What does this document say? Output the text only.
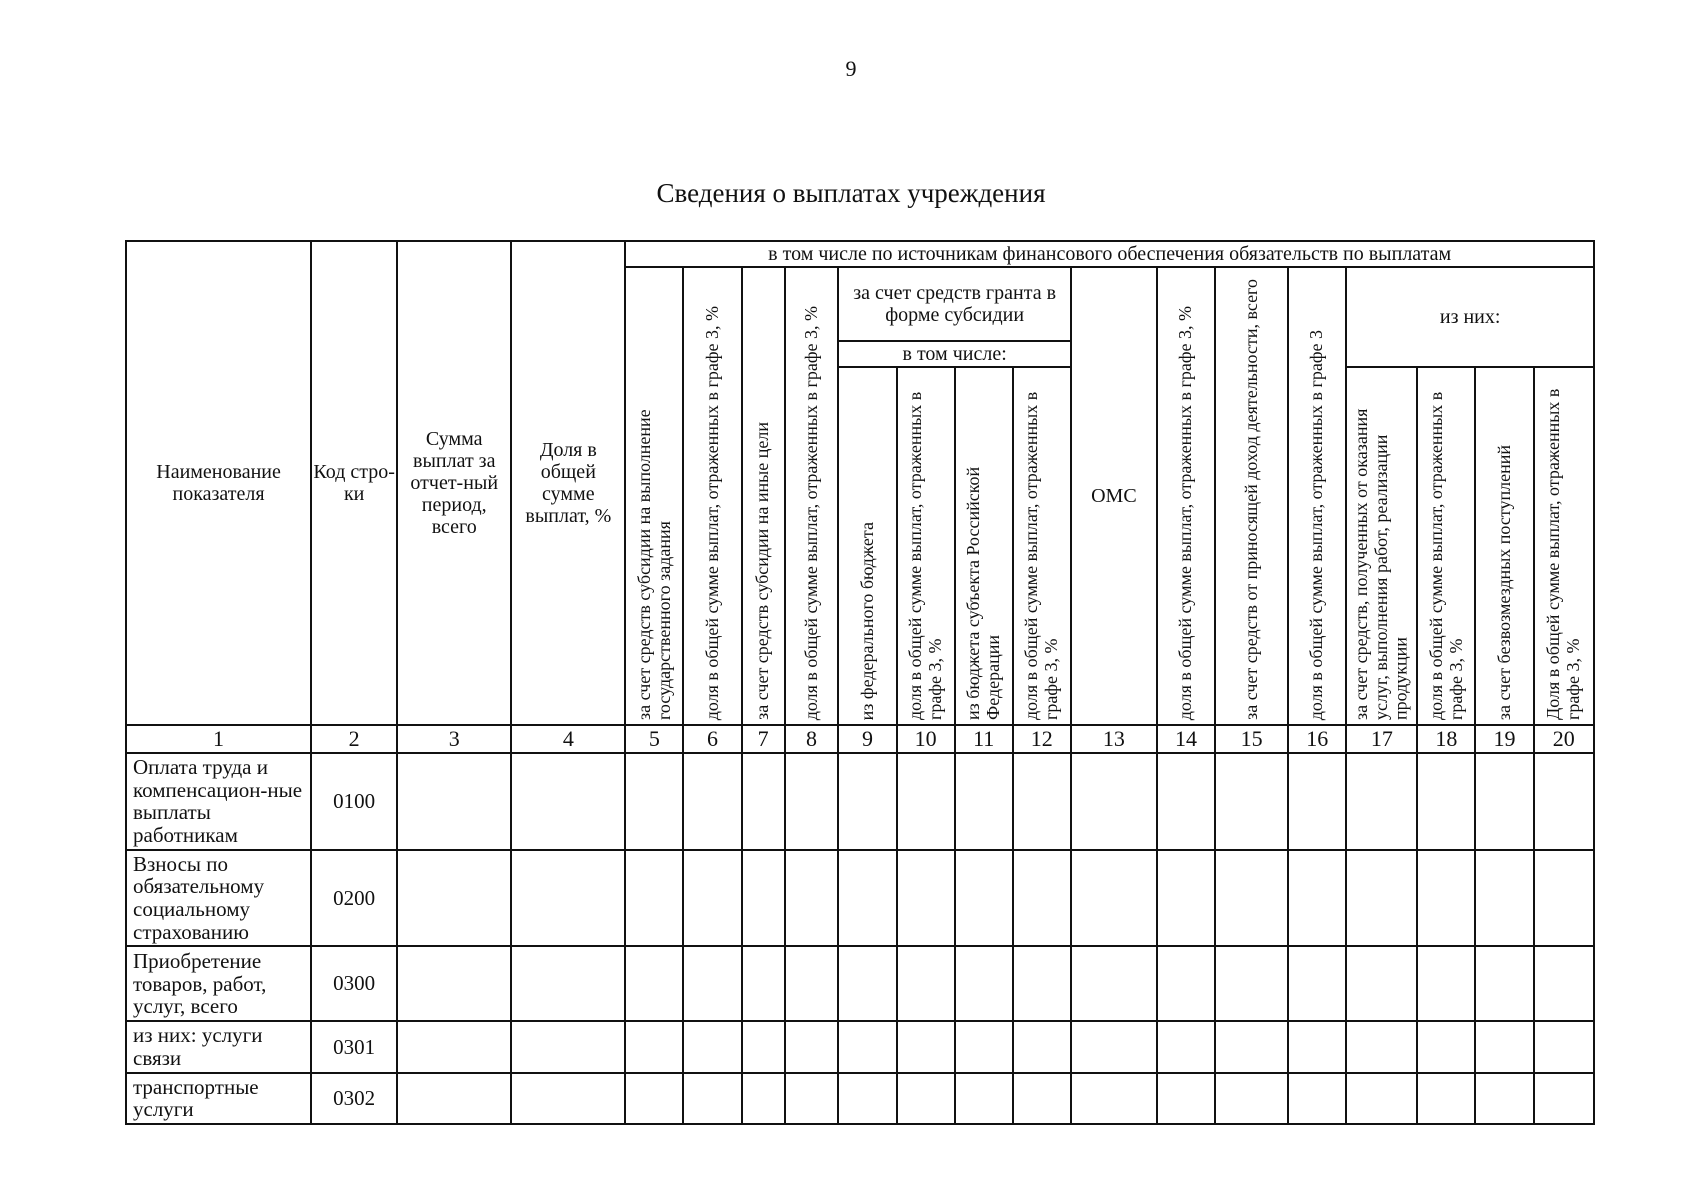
9
Сведения о выплатах учреждения
Наименование показателя	Код стро-ки	Сумма выплат за отчет-ный период, всего	Доля в общей сумме выплат, %	в том числе по источникам финансового обеспечения обязательств по выплатам															

				за счет средств субсидии на выполнение государственного задания	доля в общей сумме выплат, отраженных в графе 3, %	за счет средств субсидии на иные цели	доля в общей сумме выплат, отраженных в графе 3, %	за счет средств гранта в форме субсидии				ОМС	доля в общей сумме выплат, отраженных в графе 3, %	за счет средств от приносящей доход деятельности, всего	доля в общей сумме выплат, отраженных в графе 3	из них:			
								в том числе:											

								из федерального бюджета	доля в общей сумме выплат, отраженных в графе 3, %	из бюджета субъекта Российской Федерации	доля в общей сумме выплат, отраженных в графе 3, %					за счет средств, полученных от оказания услуг, выполнения работ, реализации продукции	доля в общей сумме выплат, отраженных в графе 3, %	за счет безвозмездных поступлений	Доля в общей сумме выплат, отраженных в графе 3, %

1	2	3	4	5	6	7	8	9	10	11	12	13	14	15	16	17	18	19	20
Оплата труда и компенсацион-ные выплаты работникам	0100																		
Взносы по обязательному социальному страхованию	0200																		
Приобретение товаров, работ, услуг, всего	0300																		
из них: услуги связи	0301																		
транспортные услуги	0302																		
